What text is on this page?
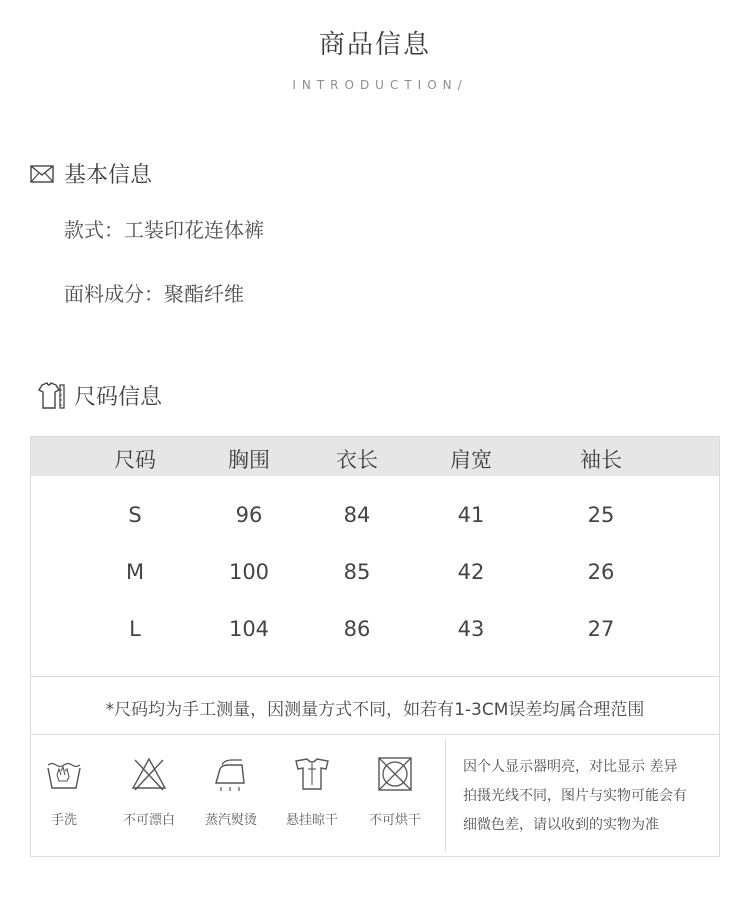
商品信息
INTRODUCTION/
基本信息
款式：工装印花连体裤
面料成分：聚酯纤维
尺码信息
尺码	胸围	衣长	肩宽	袖长
S	96	84	41	25
M	100	85	42	26
L	104	86	43	27
*尺码均为手工测量，因测量方式不同，如若有1-3CM误差均属合理范围
手洗	不可漂白	蒸汽熨烫	悬挂晾干	不可烘干
因个人显示器明亮，对比显示 差异
拍摄光线不同，图片与实物可能会有
细微色差，请以收到的实物为准
